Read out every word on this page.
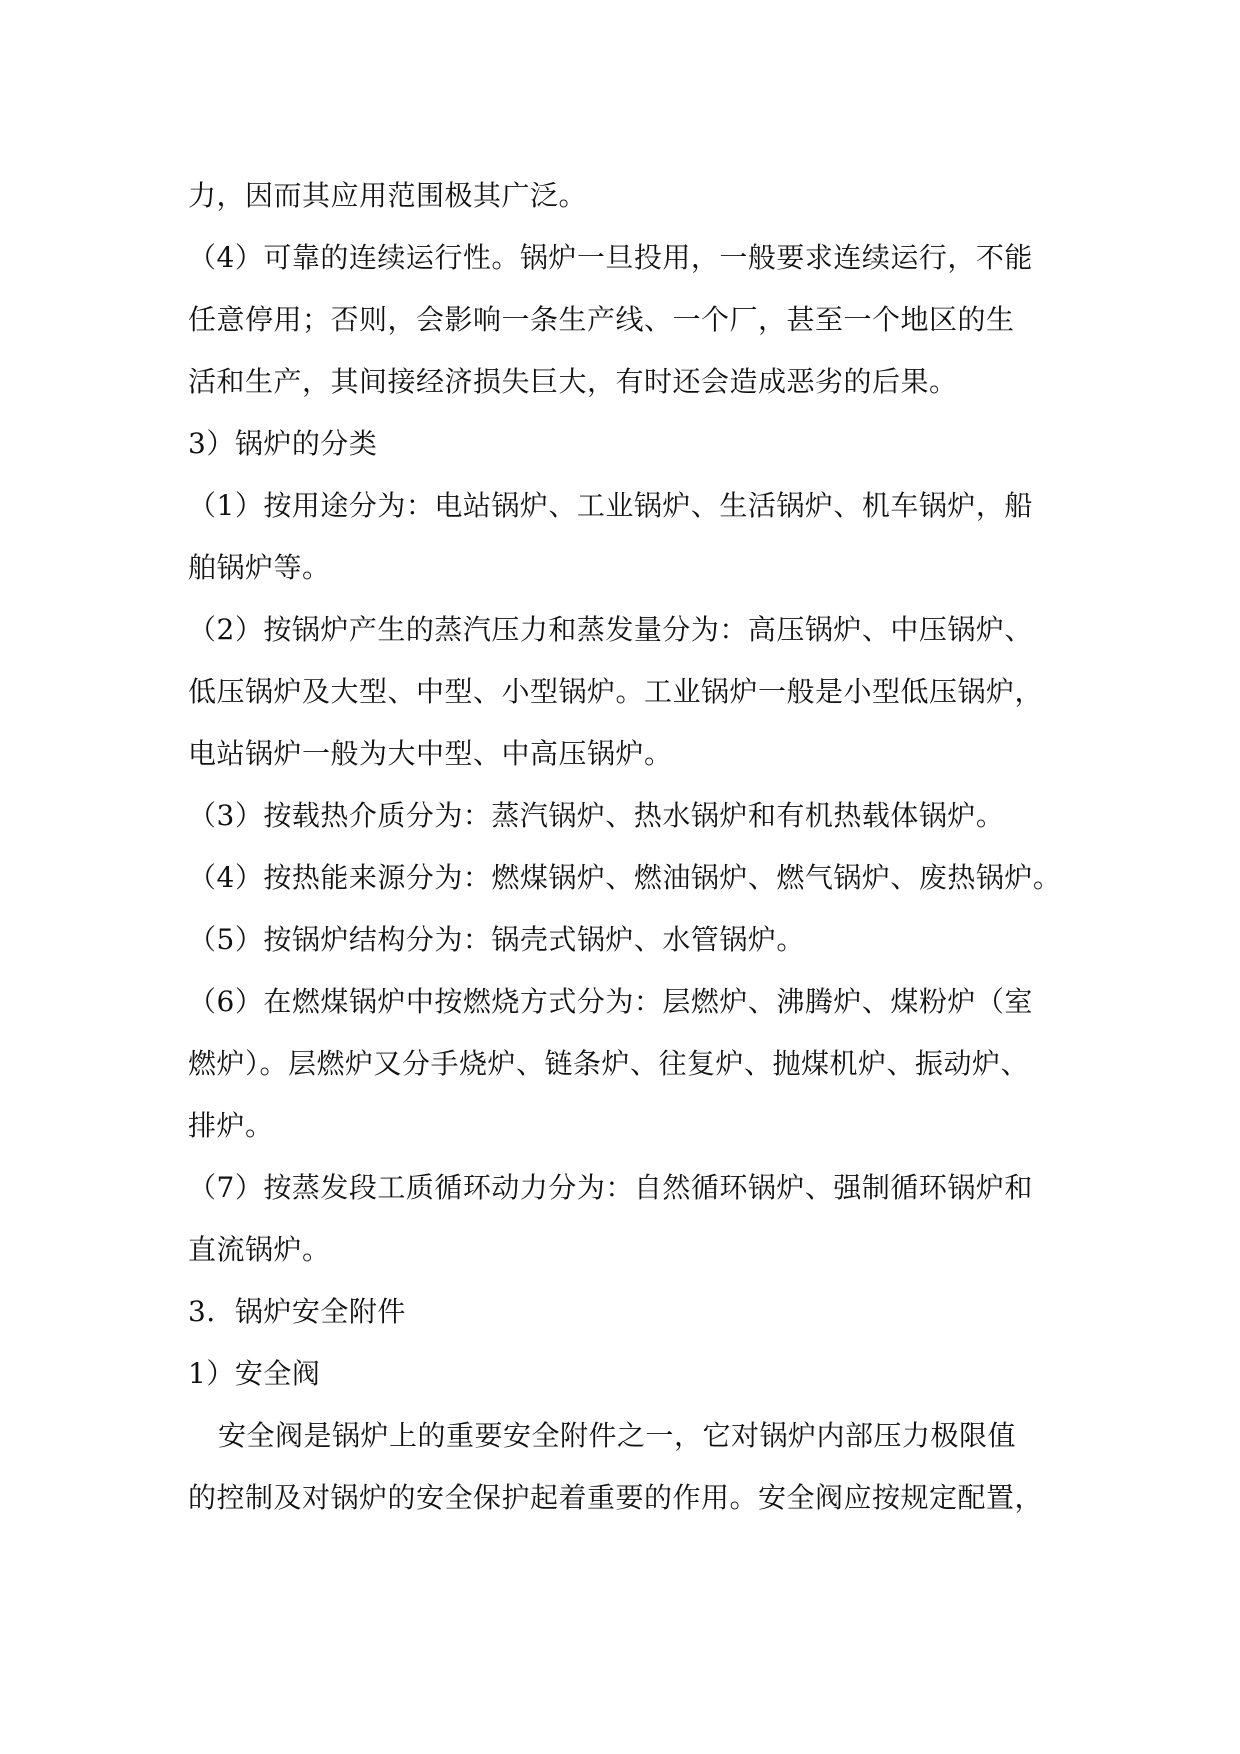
力，因而其应用范围极其广泛。
（4）可靠的连续运行性。锅炉一旦投用，一般要求连续运行，不能
任意停用；否则，会影响一条生产线、一个厂，甚至一个地区的生
活和生产，其间接经济损失巨大，有时还会造成恶劣的后果。
3）锅炉的分类
（1）按用途分为：电站锅炉、工业锅炉、生活锅炉、机车锅炉，船
舶锅炉等。
（2）按锅炉产生的蒸汽压力和蒸发量分为：高压锅炉、中压锅炉、
低压锅炉及大型、中型、小型锅炉。工业锅炉一般是小型低压锅炉，
电站锅炉一般为大中型、中高压锅炉。
（3）按载热介质分为：蒸汽锅炉、热水锅炉和有机热载体锅炉。
（4）按热能来源分为：燃煤锅炉、燃油锅炉、燃气锅炉、废热锅炉。
（5）按锅炉结构分为：锅壳式锅炉、水管锅炉。
（6）在燃煤锅炉中按燃烧方式分为：层燃炉、沸腾炉、煤粉炉（室
燃炉）。层燃炉又分手烧炉、链条炉、往复炉、抛煤机炉、振动炉、
排炉。
（7）按蒸发段工质循环动力分为：自然循环锅炉、强制循环锅炉和
直流锅炉。
3．锅炉安全附件
1）安全阀
安全阀是锅炉上的重要安全附件之一，它对锅炉内部压力极限值
的控制及对锅炉的安全保护起着重要的作用。安全阀应按规定配置，
